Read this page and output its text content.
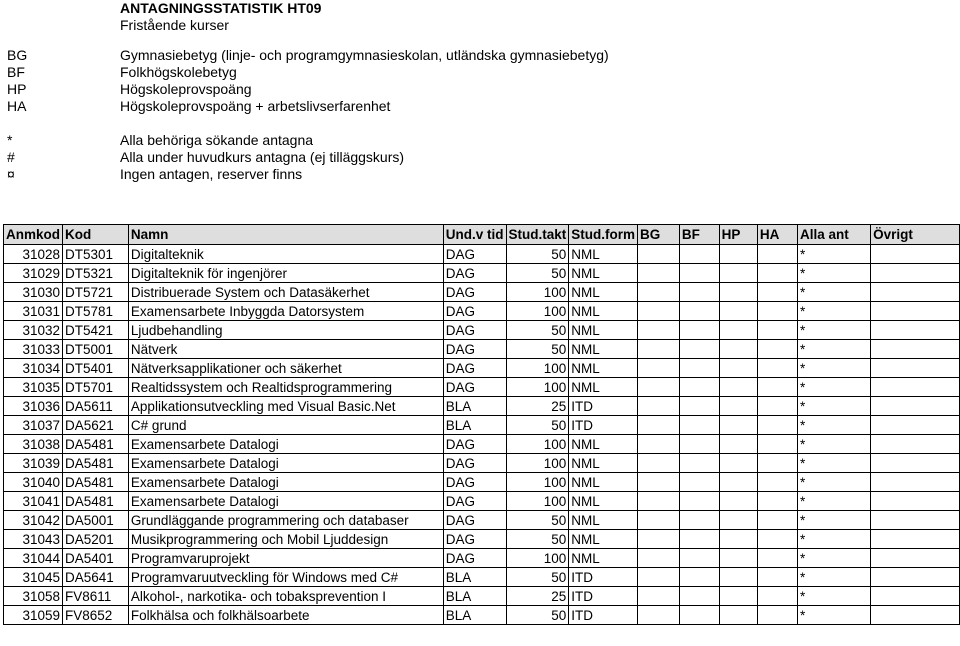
ANTAGNINGSSTATISTIK HT09
Fristående kurser
BG	Gymnasiebetyg (linje- och programgymnasieskolan, utländska gymnasiebetyg)
BF	Folkhögskolebetyg
HP	Högskoleprovspoäng
HA	Högskoleprovspoäng + arbetslivserfarenhet
*	Alla behöriga sökande antagna
#	Alla under huvudkurs antagna (ej tilläggskurs)
¤	Ingen antagen, reserver finns
Anmkod	Kod	Namn	Und.v tid	Stud.takt	Stud.form	BG	BF	HP	HA	Alla ant	Övrigt
31028	DT5301	Digitalteknik	DAG	50	NML					*	
31029	DT5321	Digitalteknik för ingenjörer	DAG	50	NML					*	
31030	DT5721	Distribuerade System och Datasäkerhet	DAG	100	NML					*	
31031	DT5781	Examensarbete Inbyggda Datorsystem	DAG	100	NML					*	
31032	DT5421	Ljudbehandling	DAG	50	NML					*	
31033	DT5001	Nätverk	DAG	50	NML					*	
31034	DT5401	Nätverksapplikationer och säkerhet	DAG	100	NML					*	
31035	DT5701	Realtidssystem och Realtidsprogrammering	DAG	100	NML					*	
31036	DA5611	Applikationsutveckling med Visual Basic.Net	BLA	25	ITD					*	
31037	DA5621	C# grund	BLA	50	ITD					*	
31038	DA5481	Examensarbete Datalogi	DAG	100	NML					*	
31039	DA5481	Examensarbete Datalogi	DAG	100	NML					*	
31040	DA5481	Examensarbete Datalogi	DAG	100	NML					*	
31041	DA5481	Examensarbete Datalogi	DAG	100	NML					*	
31042	DA5001	Grundläggande programmering och databaser	DAG	50	NML					*	
31043	DA5201	Musikprogrammering och Mobil Ljuddesign	DAG	50	NML					*	
31044	DA5401	Programvaruprojekt	DAG	100	NML					*	
31045	DA5641	Programvaruutveckling för Windows med C#	BLA	50	ITD					*	
31058	FV8611	Alkohol-, narkotika- och tobaksprevention I	BLA	25	ITD					*	
31059	FV8652	Folkhälsa och folkhälsoarbete	BLA	50	ITD					*	
